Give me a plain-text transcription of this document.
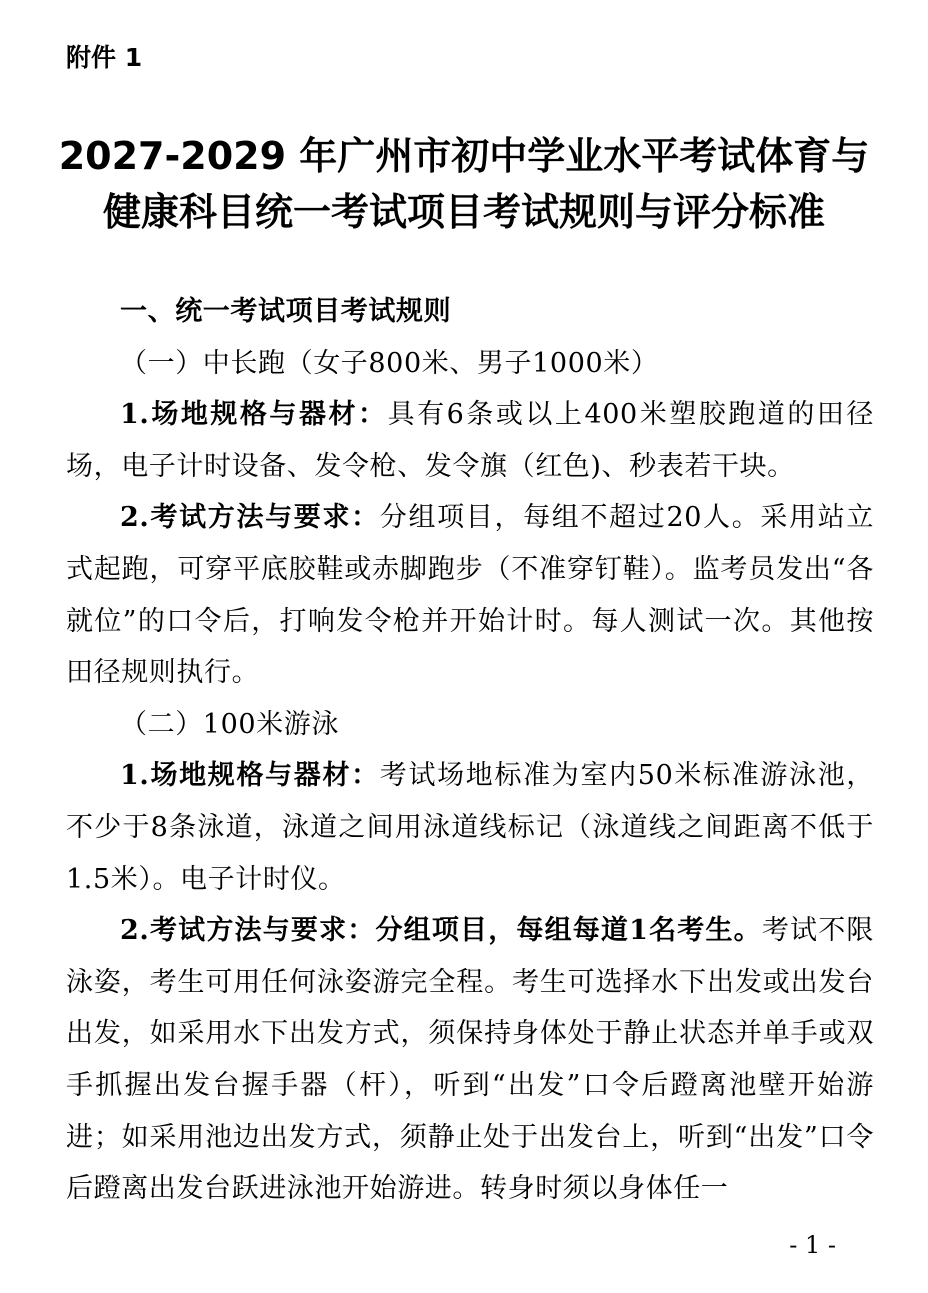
附件 1

2027-2029 年广州市初中学业水平考试体育与
健康科目统一考试项目考试规则与评分标准

一、统一考试项目考试规则

（一）中长跑（女子800米、男子1000米）

1.场地规格与器材：具有6条或以上400米塑胶跑道的田径场，电子计时设备、发令枪、发令旗（红色)、秒表若干块。

2.考试方法与要求：分组项目，每组不超过20人。采用站立式起跑，可穿平底胶鞋或赤脚跑步（不准穿钉鞋）。监考员发出“各就位”的口令后，打响发令枪并开始计时。每人测试一次。其他按田径规则执行。

（二）100米游泳

1.场地规格与器材：考试场地标准为室内50米标准游泳池，不少于8条泳道，泳道之间用泳道线标记（泳道线之间距离不低于1.5米）。电子计时仪。

2.考试方法与要求：分组项目，每组每道1名考生。考试不限泳姿，考生可用任何泳姿游完全程。考生可选择水下出发或出发台出发，如采用水下出发方式，须保持身体处于静止状态并单手或双手抓握出发台握手器（杆），听到“出发”口令后蹬离池壁开始游进；如采用池边出发方式，须静止处于出发台上，听到“出发”口令后蹬离出发台跃进泳池开始游进。转身时须以身体任一

- 1 -
